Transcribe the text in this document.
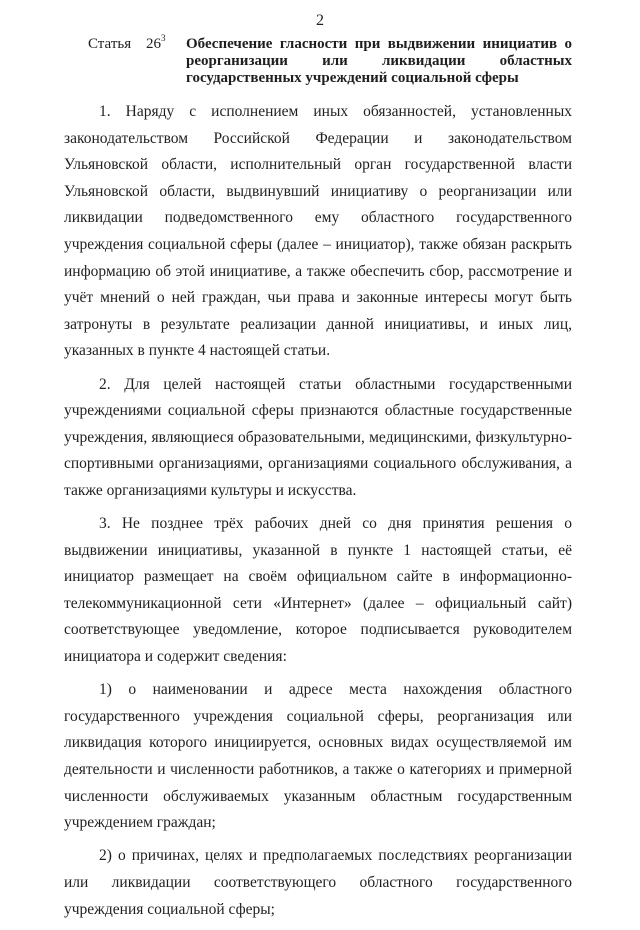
2
Статья $26^3$	Обеспечение гласности при выдвижении инициатив о реорганизации или ликвидации областных государственных учреждений социальной сферы

1. Наряду с исполнением иных обязанностей, установленных законодательством Российской Федерации и законодательством Ульяновской области, исполнительный орган государственной власти Ульяновской области, выдвинувший инициативу о реорганизации или ликвидации подведомственного ему областного государственного учреждения социальной сферы (далее – инициатор), также обязан раскрыть информацию об этой инициативе, а также обеспечить сбор, рассмотрение и учёт мнений о ней граждан, чьи права и законные интересы могут быть затронуты в результате реализации данной инициативы, и иных лиц, указанных в пункте 4 настоящей статьи.

2. Для целей настоящей статьи областными государственными учреждениями социальной сферы признаются областные государственные учреждения, являющиеся образовательными, медицинскими, физкультурно-спортивными организациями, организациями социального обслуживания, а также организациями культуры и искусства.

3. Не позднее трёх рабочих дней со дня принятия решения о выдвижении инициативы, указанной в пункте 1 настоящей статьи, её инициатор размещает на своём официальном сайте в информационно-телекоммуникационной сети «Интернет» (далее – официальный сайт) соответствующее уведомление, которое подписывается руководителем инициатора и содержит сведения:

1) о наименовании и адресе места нахождения областного государственного учреждения социальной сферы, реорганизация или ликвидация которого инициируется, основных видах осуществляемой им деятельности и численности работников, а также о категориях и примерной численности обслуживаемых указанным областным государственным учреждением граждан;

2) о причинах, целях и предполагаемых последствиях реорганизации или ликвидации соответствующего областного государственного учреждения социальной сферы;
